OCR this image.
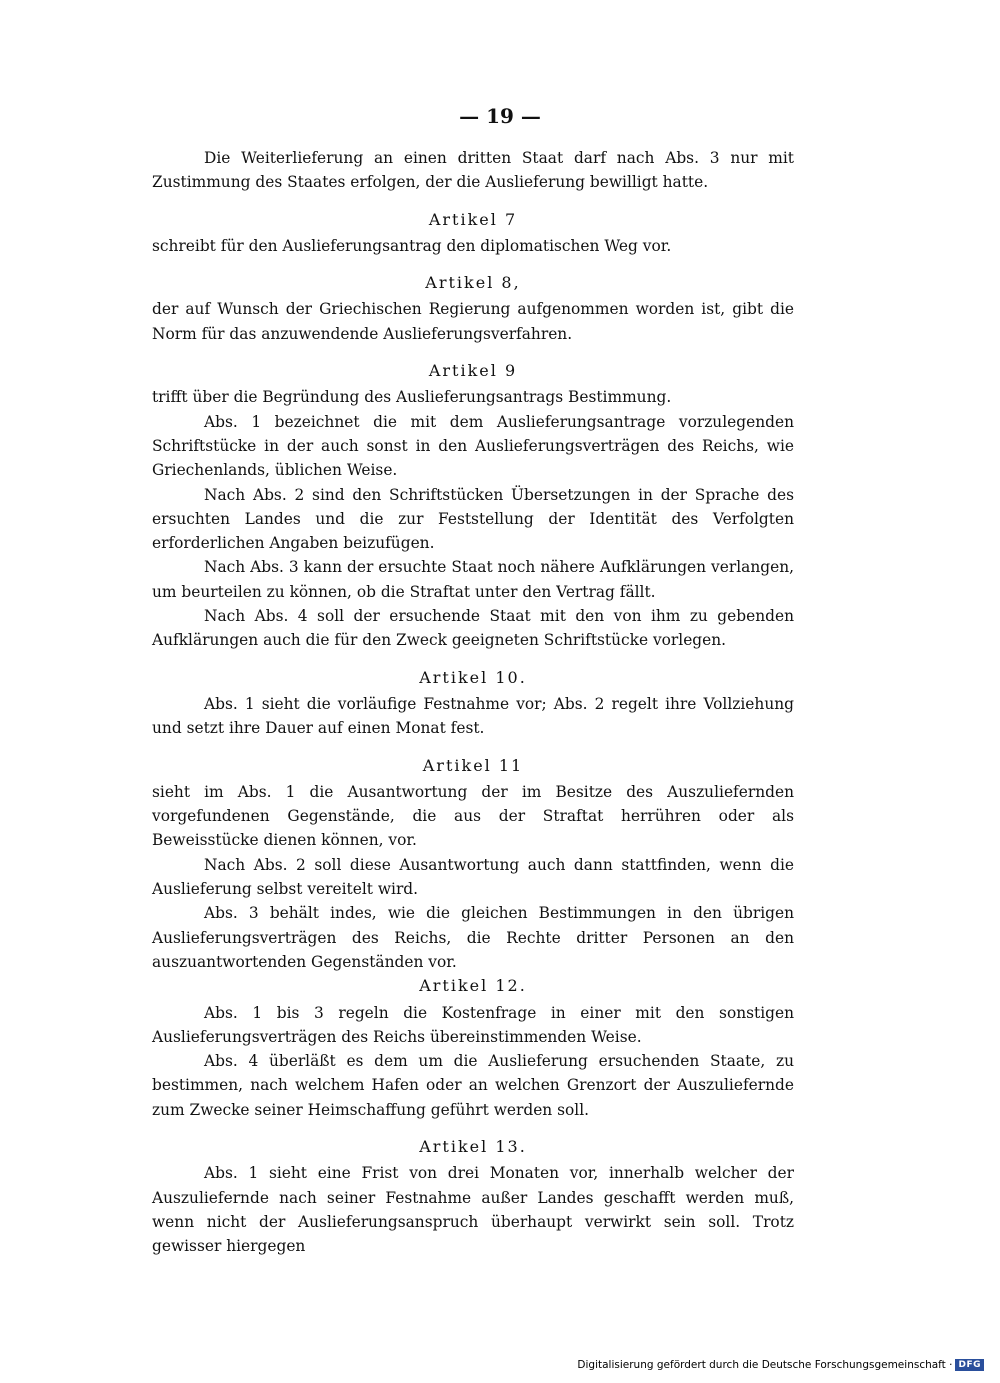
— 19 —

Die Weiterlieferung an einen dritten Staat darf nach Abs. 3 nur mit Zustimmung des Staates erfolgen, der die Auslieferung bewilligt hatte.

Artikel 7

schreibt für den Auslieferungsantrag den diplomatischen Weg vor.

Artikel 8,

der auf Wunsch der Griechischen Regierung aufgenommen worden ist, gibt die Norm für das anzuwendende Auslieferungsverfahren.

Artikel 9

trifft über die Begründung des Auslieferungsantrags Bestimmung.

Abs. 1 bezeichnet die mit dem Auslieferungsantrage vorzulegenden Schriftstücke in der auch sonst in den Auslieferungsverträgen des Reichs, wie Griechenlands, üblichen Weise.

Nach Abs. 2 sind den Schriftstücken Übersetzungen in der Sprache des ersuchten Landes und die zur Feststellung der Identität des Verfolgten erforderlichen Angaben beizufügen.

Nach Abs. 3 kann der ersuchte Staat noch nähere Aufklärungen verlangen, um beurteilen zu können, ob die Straftat unter den Vertrag fällt.

Nach Abs. 4 soll der ersuchende Staat mit den von ihm zu gebenden Aufklärungen auch die für den Zweck geeigneten Schriftstücke vorlegen.

Artikel 10.

Abs. 1 sieht die vorläufige Festnahme vor; Abs. 2 regelt ihre Vollziehung und setzt ihre Dauer auf einen Monat fest.

Artikel 11

sieht im Abs. 1 die Ausantwortung der im Besitze des Auszuliefernden vorgefundenen Gegenstände, die aus der Straftat herrühren oder als Beweisstücke dienen können, vor.

Nach Abs. 2 soll diese Ausantwortung auch dann stattfinden, wenn die Auslieferung selbst vereitelt wird.

Abs. 3 behält indes, wie die gleichen Bestimmungen in den übrigen Auslieferungsverträgen des Reichs, die Rechte dritter Personen an den auszuantwortenden Gegenständen vor.

Artikel 12.

Abs. 1 bis 3 regeln die Kostenfrage in einer mit den sonstigen Auslieferungsverträgen des Reichs übereinstimmenden Weise.

Abs. 4 überläßt es dem um die Auslieferung ersuchenden Staate, zu bestimmen, nach welchem Hafen oder an welchen Grenzort der Auszuliefernde zum Zwecke seiner Heimschaffung geführt werden soll.

Artikel 13.

Abs. 1 sieht eine Frist von drei Monaten vor, innerhalb welcher der Auszuliefernde nach seiner Festnahme außer Landes geschafft werden muß, wenn nicht der Auslieferungsanspruch überhaupt verwirkt sein soll. Trotz gewisser hiergegen

Digitalisierung gefördert durch die Deutsche Forschungsgemeinschaft · DFG
